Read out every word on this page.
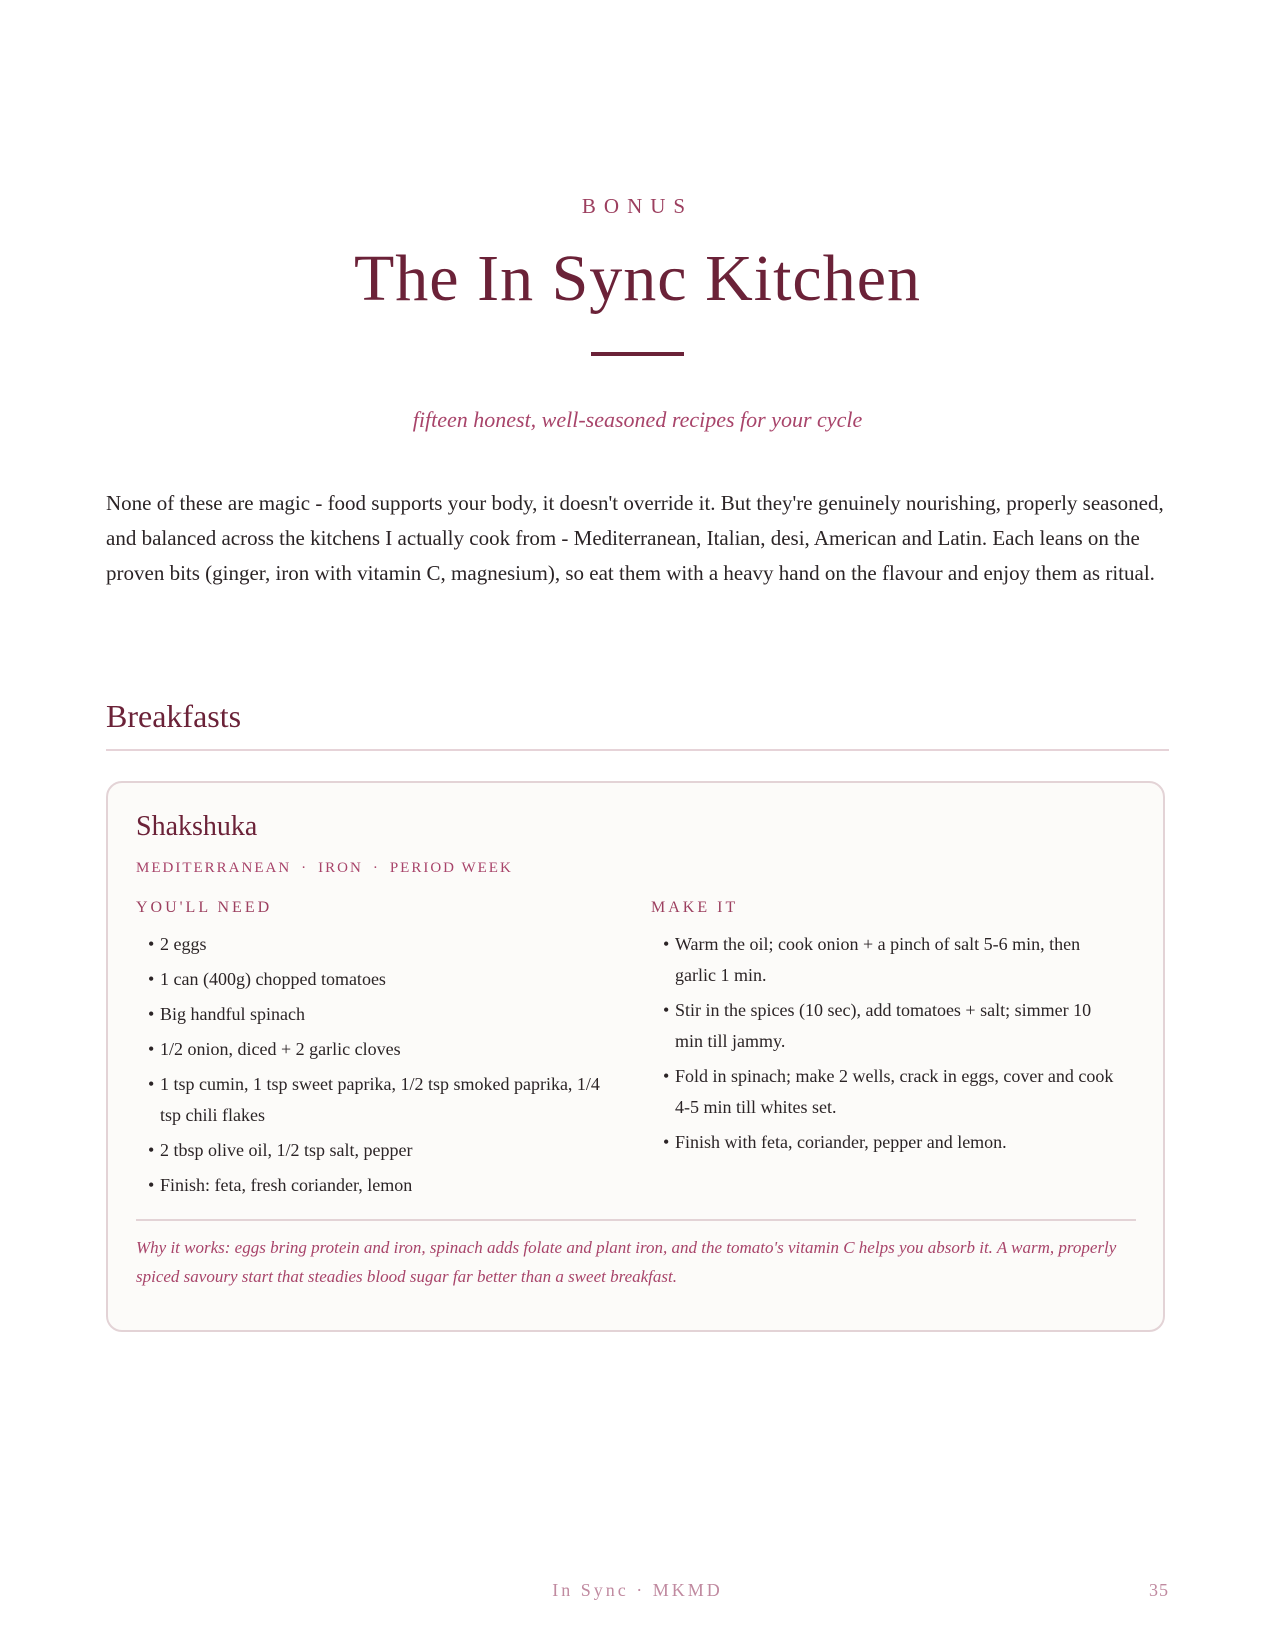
BONUS
The In Sync Kitchen
fifteen honest, well-seasoned recipes for your cycle

None of these are magic - food supports your body, it doesn't override it. But they're genuinely nourishing, properly seasoned, and balanced across the kitchens I actually cook from - Mediterranean, Italian, desi, American and Latin. Each leans on the proven bits (ginger, iron with vitamin C, magnesium), so eat them with a heavy hand on the flavour and enjoy them as ritual.

Breakfasts
Shakshuka
MEDITERRANEAN · IRON · PERIOD WEEK
YOU'LL NEED
• 2 eggs
• 1 can (400g) chopped tomatoes
• Big handful spinach
• 1/2 onion, diced + 2 garlic cloves
• 1 tsp cumin, 1 tsp sweet paprika, 1/2 tsp smoked paprika, 1/4 tsp chili flakes
• 2 tbsp olive oil, 1/2 tsp salt, pepper
• Finish: feta, fresh coriander, lemon
MAKE IT
• Warm the oil; cook onion + a pinch of salt 5-6 min, then garlic 1 min.
• Stir in the spices (10 sec), add tomatoes + salt; simmer 10 min till jammy.
• Fold in spinach; make 2 wells, crack in eggs, cover and cook 4-5 min till whites set.
• Finish with feta, coriander, pepper and lemon.

Why it works: eggs bring protein and iron, spinach adds folate and plant iron, and the tomato's vitamin C helps you absorb it. A warm, properly spiced savoury start that steadies blood sugar far better than a sweet breakfast.

In Sync · MKMD	35
